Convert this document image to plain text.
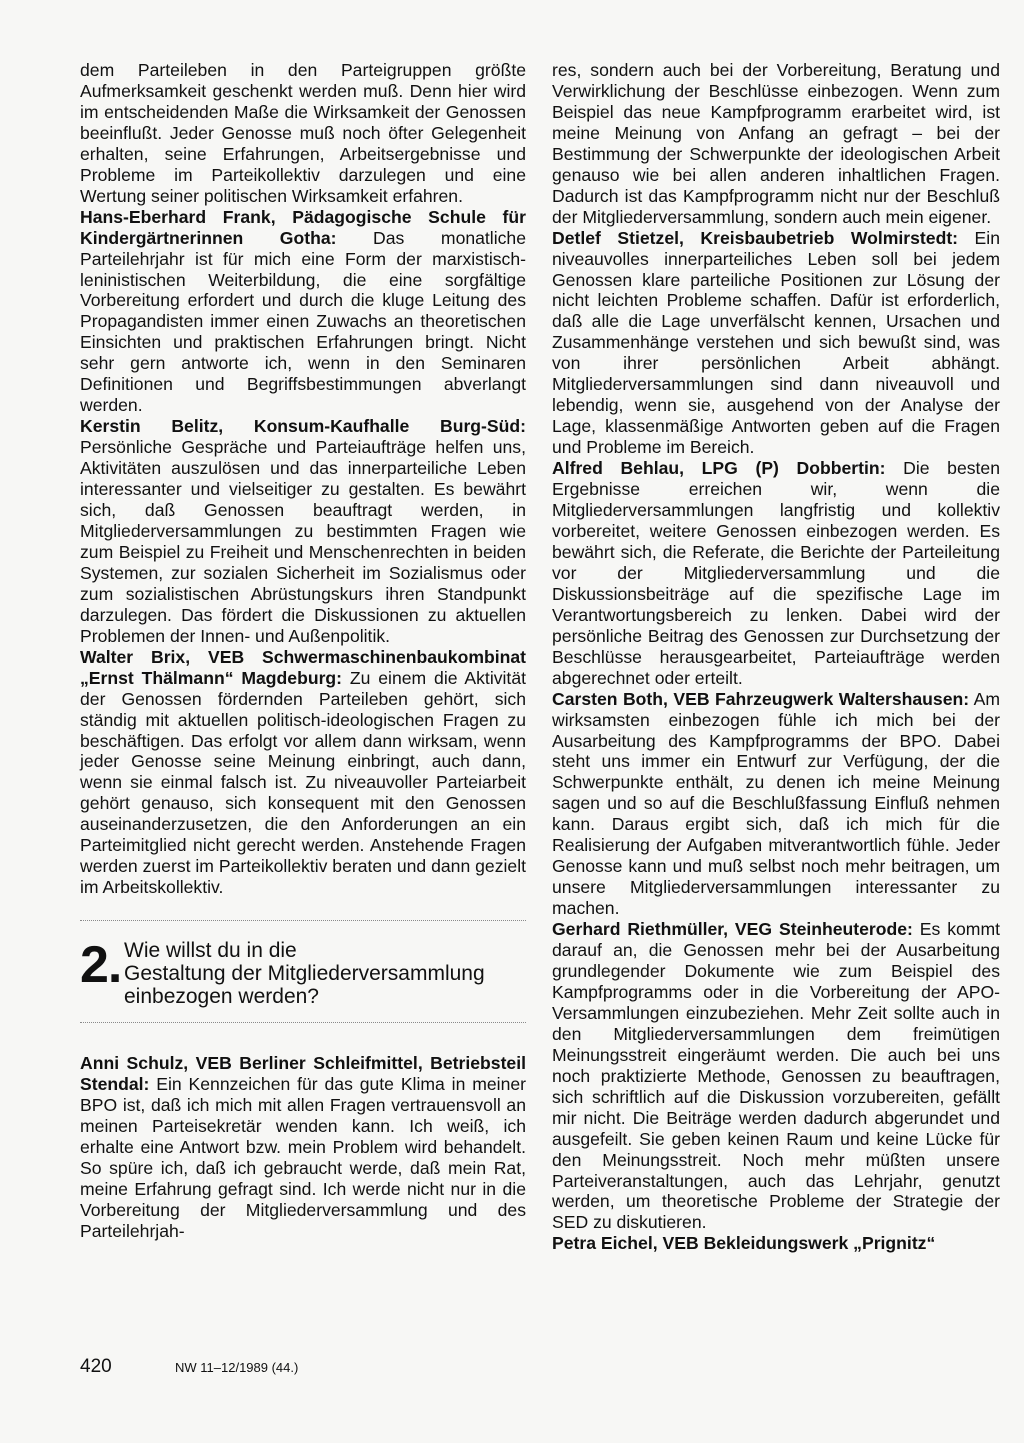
dem Parteileben in den Parteigruppen größte Aufmerksamkeit geschenkt werden muß. Denn hier wird im entscheidenden Maße die Wirksamkeit der Genossen beeinflußt. Jeder Genosse muß noch öfter Gelegenheit erhalten, seine Erfahrungen, Arbeitsergebnisse und Probleme im Parteikollektiv darzulegen und eine Wertung seiner politischen Wirksamkeit erfahren.

Hans-Eberhard Frank, Pädagogische Schule für Kindergärtnerinnen Gotha: Das monatliche Parteilehrjahr ist für mich eine Form der marxistisch-leninistischen Weiterbildung, die eine sorgfältige Vorbereitung erfordert und durch die kluge Leitung des Propagandisten immer einen Zuwachs an theoretischen Einsichten und praktischen Erfahrungen bringt. Nicht sehr gern antworte ich, wenn in den Seminaren Definitionen und Begriffsbestimmungen abverlangt werden.

Kerstin Belitz, Konsum-Kaufhalle Burg-Süd: Persönliche Gespräche und Parteiaufträge helfen uns, Aktivitäten auszulösen und das innerparteiliche Leben interessanter und vielseitiger zu gestalten. Es bewährt sich, daß Genossen beauftragt werden, in Mitgliederversammlungen zu bestimmten Fragen wie zum Beispiel zu Freiheit und Menschenrechten in beiden Systemen, zur sozialen Sicherheit im Sozialismus oder zum sozialistischen Abrüstungskurs ihren Standpunkt darzulegen. Das fördert die Diskussionen zu aktuellen Problemen der Innen- und Außenpolitik.

Walter Brix, VEB Schwermaschinenbaukombinat „Ernst Thälmann“ Magdeburg: Zu einem die Aktivität der Genossen fördernden Parteileben gehört, sich ständig mit aktuellen politisch-ideologischen Fragen zu beschäftigen. Das erfolgt vor allem dann wirksam, wenn jeder Genosse seine Meinung einbringt, auch dann, wenn sie einmal falsch ist. Zu niveauvoller Parteiarbeit gehört genauso, sich konsequent mit den Genossen auseinanderzusetzen, die den Anforderungen an ein Parteimitglied nicht gerecht werden. Anstehende Fragen werden zuerst im Parteikollektiv beraten und dann gezielt im Arbeitskollektiv.

2. Wie willst du in die
Gestaltung der Mitgliederversammlung
einbezogen werden?

Anni Schulz, VEB Berliner Schleifmittel, Betriebsteil Stendal: Ein Kennzeichen für das gute Klima in meiner BPO ist, daß ich mich mit allen Fragen vertrauensvoll an meinen Parteisekretär wenden kann. Ich weiß, ich erhalte eine Antwort bzw. mein Problem wird behandelt. So spüre ich, daß ich gebraucht werde, daß mein Rat, meine Erfahrung gefragt sind. Ich werde nicht nur in die Vorbereitung der Mitgliederversammlung und des Parteilehrjah-

res, sondern auch bei der Vorbereitung, Beratung und Verwirklichung der Beschlüsse einbezogen. Wenn zum Beispiel das neue Kampfprogramm erarbeitet wird, ist meine Meinung von Anfang an gefragt – bei der Bestimmung der Schwerpunkte der ideologischen Arbeit genauso wie bei allen anderen inhaltlichen Fragen. Dadurch ist das Kampfprogramm nicht nur der Beschluß der Mitgliederversammlung, sondern auch mein eigener.

Detlef Stietzel, Kreisbaubetrieb Wolmirstedt: Ein niveauvolles innerparteiliches Leben soll bei jedem Genossen klare parteiliche Positionen zur Lösung der nicht leichten Probleme schaffen. Dafür ist erforderlich, daß alle die Lage unverfälscht kennen, Ursachen und Zusammenhänge verstehen und sich bewußt sind, was von ihrer persönlichen Arbeit abhängt. Mitgliederversammlungen sind dann niveauvoll und lebendig, wenn sie, ausgehend von der Analyse der Lage, klassenmäßige Antworten geben auf die Fragen und Probleme im Bereich.

Alfred Behlau, LPG (P) Dobbertin: Die besten Ergebnisse erreichen wir, wenn die Mitgliederversammlungen langfristig und kollektiv vorbereitet, weitere Genossen einbezogen werden. Es bewährt sich, die Referate, die Berichte der Parteileitung vor der Mitgliederversammlung und die Diskussionsbeiträge auf die spezifische Lage im Verantwortungsbereich zu lenken. Dabei wird der persönliche Beitrag des Genossen zur Durchsetzung der Beschlüsse herausgearbeitet, Parteiaufträge werden abgerechnet oder erteilt.

Carsten Both, VEB Fahrzeugwerk Waltershausen: Am wirksamsten einbezogen fühle ich mich bei der Ausarbeitung des Kampfprogramms der BPO. Dabei steht uns immer ein Entwurf zur Verfügung, der die Schwerpunkte enthält, zu denen ich meine Meinung sagen und so auf die Beschlußfassung Einfluß nehmen kann. Daraus ergibt sich, daß ich mich für die Realisierung der Aufgaben mitverantwortlich fühle. Jeder Genosse kann und muß selbst noch mehr beitragen, um unsere Mitgliederversammlungen interessanter zu machen.

Gerhard Riethmüller, VEG Steinheuterode: Es kommt darauf an, die Genossen mehr bei der Ausarbeitung grundlegender Dokumente wie zum Beispiel des Kampfprogramms oder in die Vorbereitung der APO-Versammlungen einzubeziehen. Mehr Zeit sollte auch in den Mitgliederversammlungen dem freimütigen Meinungsstreit eingeräumt werden. Die auch bei uns noch praktizierte Methode, Genossen zu beauftragen, sich schriftlich auf die Diskussion vorzubereiten, gefällt mir nicht. Die Beiträge werden dadurch abgerundet und ausgefeilt. Sie geben keinen Raum und keine Lücke für den Meinungsstreit. Noch mehr müßten unsere Parteiveranstaltungen, auch das Lehrjahr, genutzt werden, um theoretische Probleme der Strategie der SED zu diskutieren.

Petra Eichel, VEB Bekleidungswerk „Prignitz“

420	NW 11–12/1989 (44.)
